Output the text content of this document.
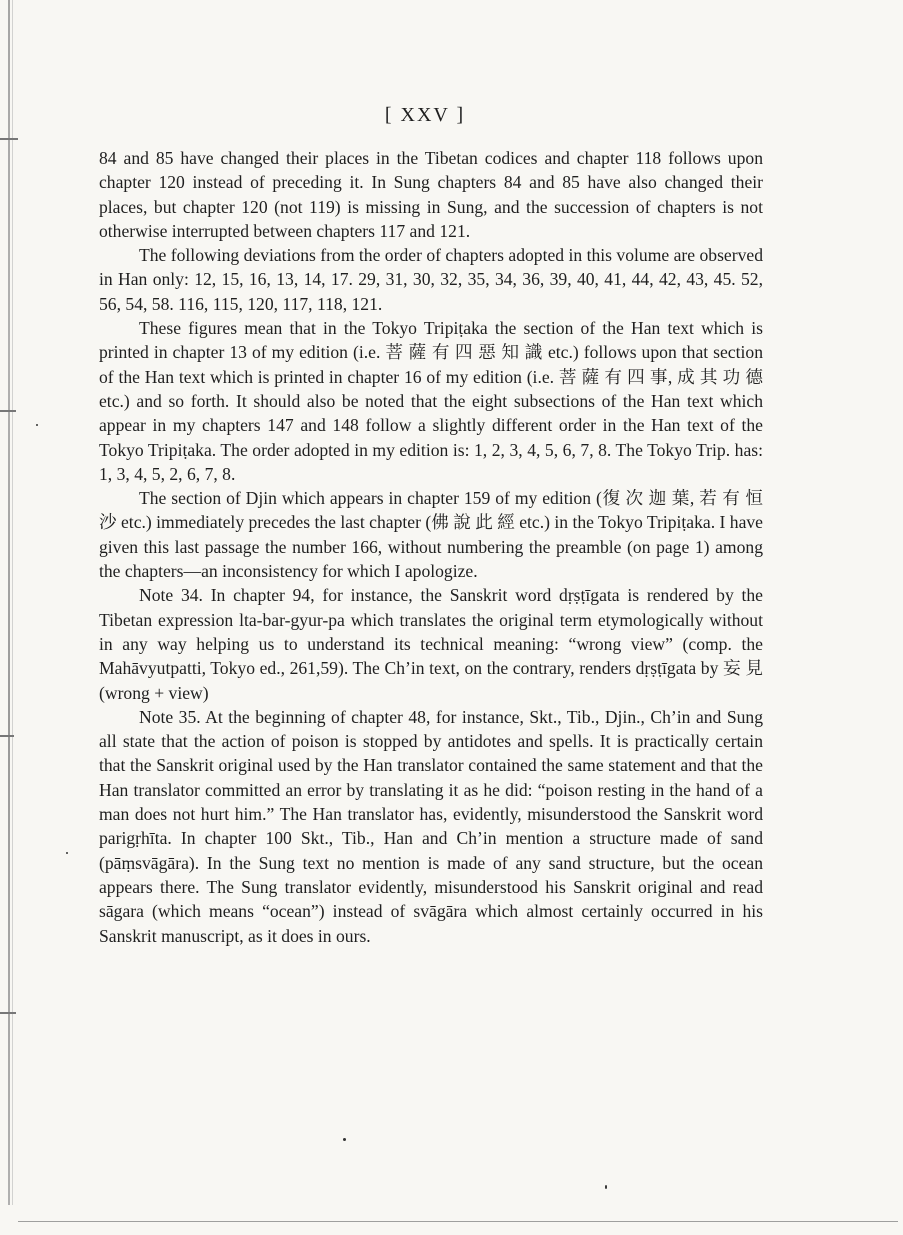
[ XXV ]

84 and 85 have changed their places in the Tibetan codices and chapter 118 follows upon chapter 120 instead of preceding it. In Sung chapters 84 and 85 have also changed their places, but chapter 120 (not 119) is missing in Sung, and the succession of chapters is not otherwise interrupted between chapters 117 and 121.

The following deviations from the order of chapters adopted in this volume are observed in Han only: 12, 15, 16, 13, 14, 17. 29, 31, 30, 32, 35, 34, 36, 39, 40, 41, 44, 42, 43, 45. 52, 56, 54, 58. 116, 115, 120, 117, 118, 121.

These figures mean that in the Tokyo Tripiṭaka the section of the Han text which is printed in chapter 13 of my edition (i.e. 菩 薩 有 四 惡 知 識 etc.) follows upon that section of the Han text which is printed in chapter 16 of my edition (i.e. 菩 薩 有 四 事, 成 其 功 德 etc.) and so forth. It should also be noted that the eight subsections of the Han text which appear in my chapters 147 and 148 follow a slightly different order in the Han text of the Tokyo Tripiṭaka. The order adopted in my edition is: 1, 2, 3, 4, 5, 6, 7, 8. The Tokyo Trip. has: 1, 3, 4, 5, 2, 6, 7, 8.

The section of Djin which appears in chapter 159 of my edition (復 次 迦 葉, 若 有 恒 沙 etc.) immediately precedes the last chapter (佛 說 此 經 etc.) in the Tokyo Tripiṭaka. I have given this last passage the number 166, without numbering the preamble (on page 1) among the chapters—an inconsistency for which I apologize.

Note 34. In chapter 94, for instance, the Sanskrit word dṛṣṭīgata is rendered by the Tibetan expression lta-bar-gyur-pa which translates the original term etymologically without in any way helping us to understand its technical meaning: “wrong view” (comp. the Mahāvyutpatti, Tokyo ed., 261,59). The Ch’in text, on the contrary, renders dṛṣṭīgata by 妄 見 (wrong + view)

Note 35. At the beginning of chapter 48, for instance, Skt., Tib., Djin., Ch’in and Sung all state that the action of poison is stopped by antidotes and spells. It is practically certain that the Sanskrit original used by the Han translator contained the same statement and that the Han translator committed an error by translating it as he did: “poison resting in the hand of a man does not hurt him.” The Han translator has, evidently, misunderstood the Sanskrit word parigṛhīta. In chapter 100 Skt., Tib., Han and Ch’in mention a structure made of sand (pāṃsvāgāra). In the Sung text no mention is made of any sand structure, but the ocean appears there. The Sung translator evidently, misunderstood his Sanskrit original and read sāgara (which means “ocean”) instead of svāgāra which almost certainly occurred in his Sanskrit manuscript, as it does in ours.
